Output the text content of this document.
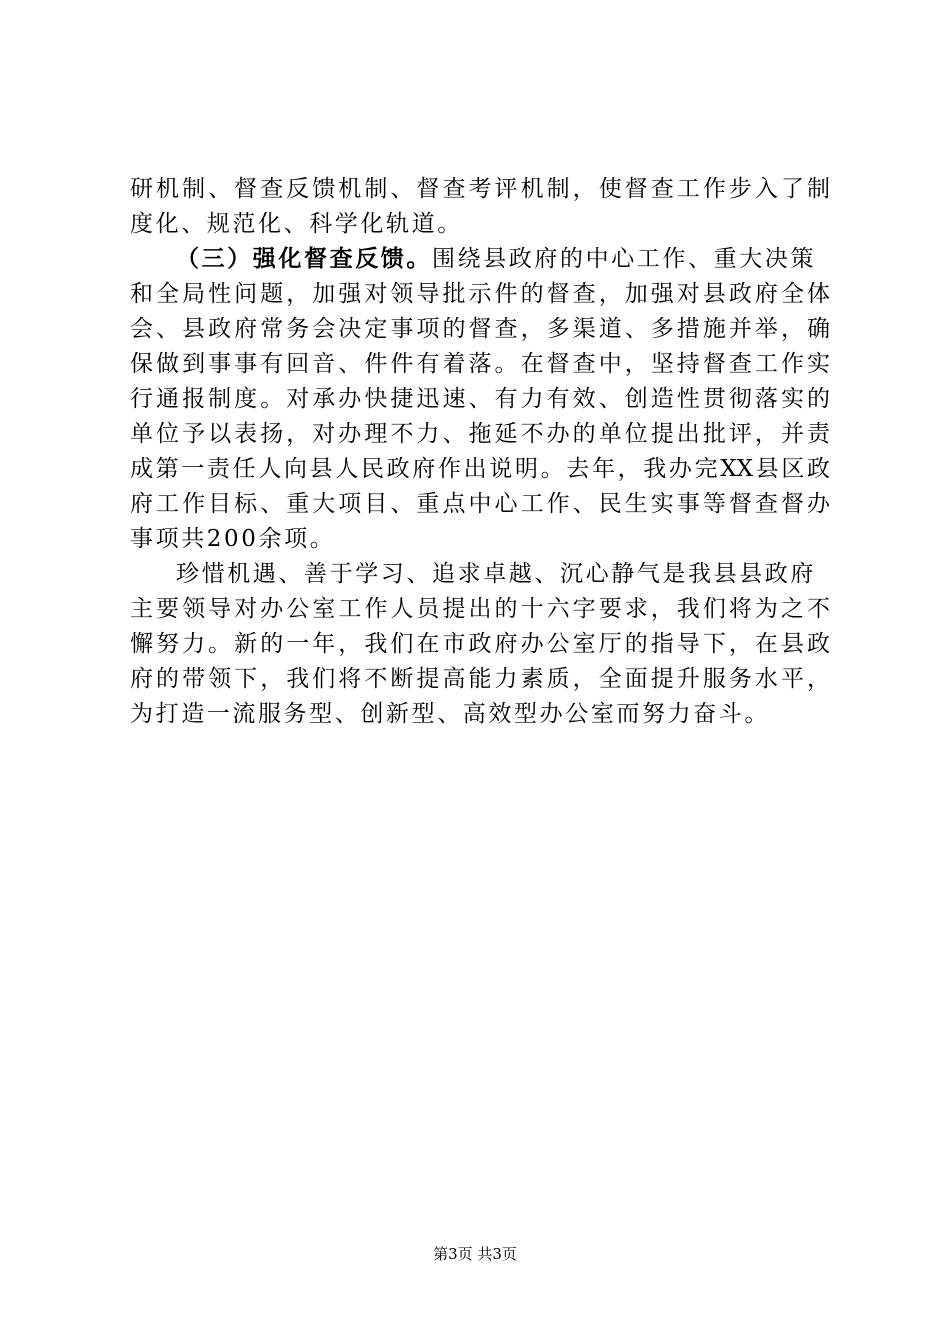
研机制、督查反馈机制、督查考评机制，使督查工作步入了制
度化、规范化、科学化轨道。
（三）强化督查反馈。围绕县政府的中心工作、重大决策
和全局性问题，加强对领导批示件的督查，加强对县政府全体
会、县政府常务会决定事项的督查，多渠道、多措施并举，确
保做到事事有回音、件件有着落。在督查中，坚持督查工作实
行通报制度。对承办快捷迅速、有力有效、创造性贯彻落实的
单位予以表扬，对办理不力、拖延不办的单位提出批评，并责
成第一责任人向县人民政府作出说明。去年，我办完XX县区政
府工作目标、重大项目、重点中心工作、民生实事等督查督办
事项共200余项。
珍惜机遇、善于学习、追求卓越、沉心静气是我县县政府
主要领导对办公室工作人员提出的十六字要求，我们将为之不
懈努力。新的一年，我们在市政府办公室厅的指导下，在县政
府的带领下，我们将不断提高能力素质，全面提升服务水平，
为打造一流服务型、创新型、高效型办公室而努力奋斗。
第3页 共3页
